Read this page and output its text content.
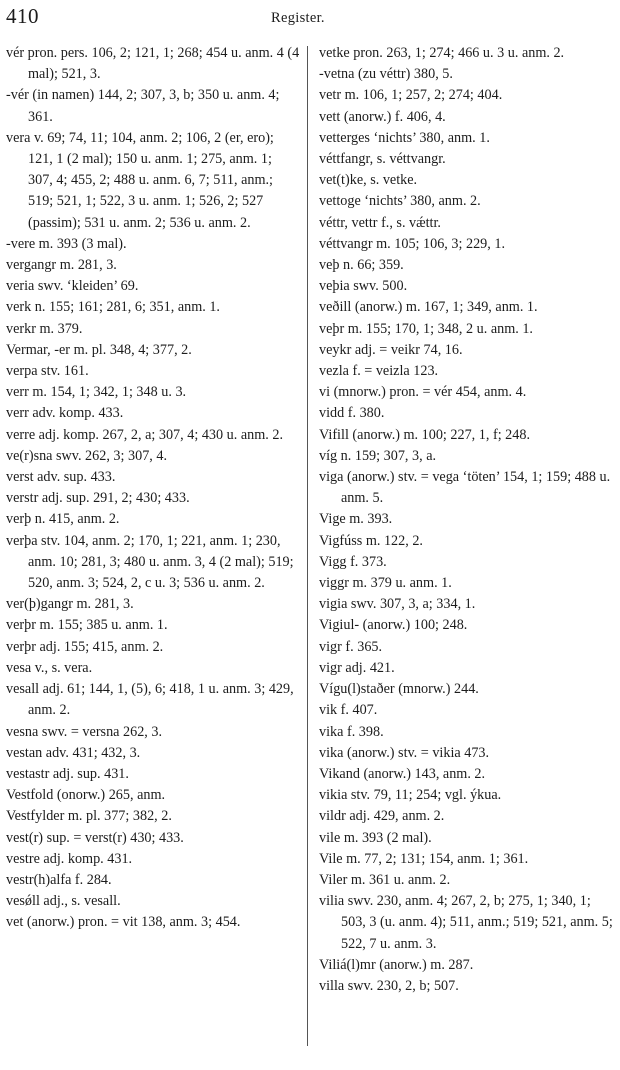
410	Register.
vér pron. pers. 106, 2; 121, 1; 268; 454 u. anm. 4 (4 mal); 521, 3.
-vér (in namen) 144, 2; 307, 3, b; 350 u. anm. 4; 361.
vera v. 69; 74, 11; 104, anm. 2; 106, 2 (er, ero); 121, 1 (2 mal); 150 u. anm. 1; 275, anm. 1; 307, 4; 455, 2; 488 u. anm. 6, 7; 511, anm.; 519; 521, 1; 522, 3 u. anm. 1; 526, 2; 527 (passim); 531 u. anm. 2; 536 u. anm. 2.
-vere m. 393 (3 mal).
vergangr m. 281, 3.
veria swv. ‘kleiden’ 69.
verk n. 155; 161; 281, 6; 351, anm. 1.
verkr m. 379.
Vermar, -er m. pl. 348, 4; 377, 2.
verpa stv. 161.
verr m. 154, 1; 342, 1; 348 u. 3.
verr adv. komp. 433.
verre adj. komp. 267, 2, a; 307, 4; 430 u. anm. 2.
ve(r)sna swv. 262, 3; 307, 4.
verst adv. sup. 433.
verstr adj. sup. 291, 2; 430; 433.
verþ n. 415, anm. 2.
verþa stv. 104, anm. 2; 170, 1; 221, anm. 1; 230, anm. 10; 281, 3; 480 u. anm. 3, 4 (2 mal); 519; 520, anm. 3; 524, 2, c u. 3; 536 u. anm. 2.
ver(þ)gangr m. 281, 3.
verþr m. 155; 385 u. anm. 1.
verþr adj. 155; 415, anm. 2.
vesa v., s. vera.
vesall adj. 61; 144, 1, (5), 6; 418, 1 u. anm. 3; 429, anm. 2.
vesna swv. = versna 262, 3.
vestan adv. 431; 432, 3.
vestastr adj. sup. 431.
Vestfold (onorw.) 265, anm.
Vestfylder m. pl. 377; 382, 2.
vest(r) sup. = verst(r) 430; 433.
vestre adj. komp. 431.
vestr(h)alfa f. 284.
vesǿll adj., s. vesall.
vet (anorw.) pron. = vit 138, anm. 3; 454.
vetke pron. 263, 1; 274; 466 u. 3 u. anm. 2.
-vetna (zu véttr) 380, 5.
vetr m. 106, 1; 257, 2; 274; 404.
vett (anorw.) f. 406, 4.
vetterges ‘nichts’ 380, anm. 1.
véttfangr, s. véttvangr.
vet(t)ke, s. vetke.
vettoge ‘nichts’ 380, anm. 2.
véttr, vettr f., s. vǽttr.
véttvangr m. 105; 106, 3; 229, 1.
veþ n. 66; 359.
veþia swv. 500.
veðill (anorw.) m. 167, 1; 349, anm. 1.
veþr m. 155; 170, 1; 348, 2 u. anm. 1.
veykr adj. = veikr 74, 16.
vezla f. = veizla 123.
vi (mnorw.) pron. = vér 454, anm. 4.
vidd f. 380.
Vifill (anorw.) m. 100; 227, 1, f; 248.
víg n. 159; 307, 3, a.
viga (anorw.) stv. = vega ‘töten’ 154, 1; 159; 488 u. anm. 5.
Vige m. 393.
Vigfúss m. 122, 2.
Vigg f. 373.
viggr m. 379 u. anm. 1.
vigia swv. 307, 3, a; 334, 1.
Vigiul- (anorw.) 100; 248.
vigr f. 365.
vigr adj. 421.
Vígu(l)staðer (mnorw.) 244.
vik f. 407.
vika f. 398.
vika (anorw.) stv. = vikia 473.
Vikand (anorw.) 143, anm. 2.
vikia stv. 79, 11; 254; vgl. ýkua.
vildr adj. 429, anm. 2.
vile m. 393 (2 mal).
Vile m. 77, 2; 131; 154, anm. 1; 361.
Viler m. 361 u. anm. 2.
vilia swv. 230, anm. 4; 267, 2, b; 275, 1; 340, 1; 503, 3 (u. anm. 4); 511, anm.; 519; 521, anm. 5; 522, 7 u. anm. 3.
Viliá(l)mr (anorw.) m. 287.
villa swv. 230, 2, b; 507.
